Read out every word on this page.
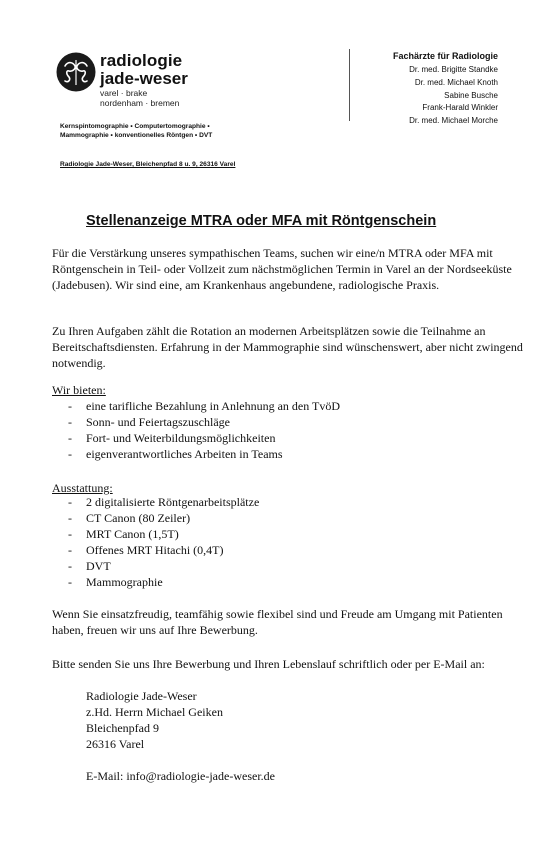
radiologie
jade-weser
varel · brake
nordenham · bremen
Kernspintomographie • Computertomographie •
Mammographie • konventionelles Röntgen • DVT
Radiologie Jade-Weser, Bleichenpfad 8 u. 9, 26316 Varel
Fachärzte für Radiologie
Dr. med. Brigitte Standke
Dr. med. Michael Knoth
Sabine Busche
Frank-Harald Winkler
Dr. med. Michael Morche
Stellenanzeige MTRA oder MFA mit Röntgenschein
Für die Verstärkung unseres sympathischen Teams, suchen wir eine/n MTRA oder MFA mit Röntgenschein in Teil- oder Vollzeit zum nächstmöglichen Termin in Varel an der Nordseeküste (Jadebusen). Wir sind eine, am Krankenhaus angebundene, radiologische Praxis.
Zu Ihren Aufgaben zählt die Rotation an modernen Arbeitsplätzen sowie die Teilnahme an Bereitschaftsdiensten. Erfahrung in der Mammographie sind wünschenswert, aber nicht zwingend notwendig.
Wir bieten:
- eine tarifliche Bezahlung in Anlehnung an den TvöD
- Sonn- und Feiertagszuschläge
- Fort- und Weiterbildungsmöglichkeiten
- eigenverantwortliches Arbeiten in Teams
Ausstattung:
- 2 digitalisierte Röntgenarbeitsplätze
- CT Canon (80 Zeiler)
- MRT Canon (1,5T)
- Offenes MRT Hitachi (0,4T)
- DVT
- Mammographie
Wenn Sie einsatzfreudig, teamfähig sowie flexibel sind und Freude am Umgang mit Patienten haben, freuen wir uns auf Ihre Bewerbung.
Bitte senden Sie uns Ihre Bewerbung und Ihren Lebenslauf schriftlich oder per E-Mail an:
Radiologie Jade-Weser
z.Hd. Herrn Michael Geiken
Bleichenpfad 9
26316 Varel
E-Mail: info@radiologie-jade-weser.de
